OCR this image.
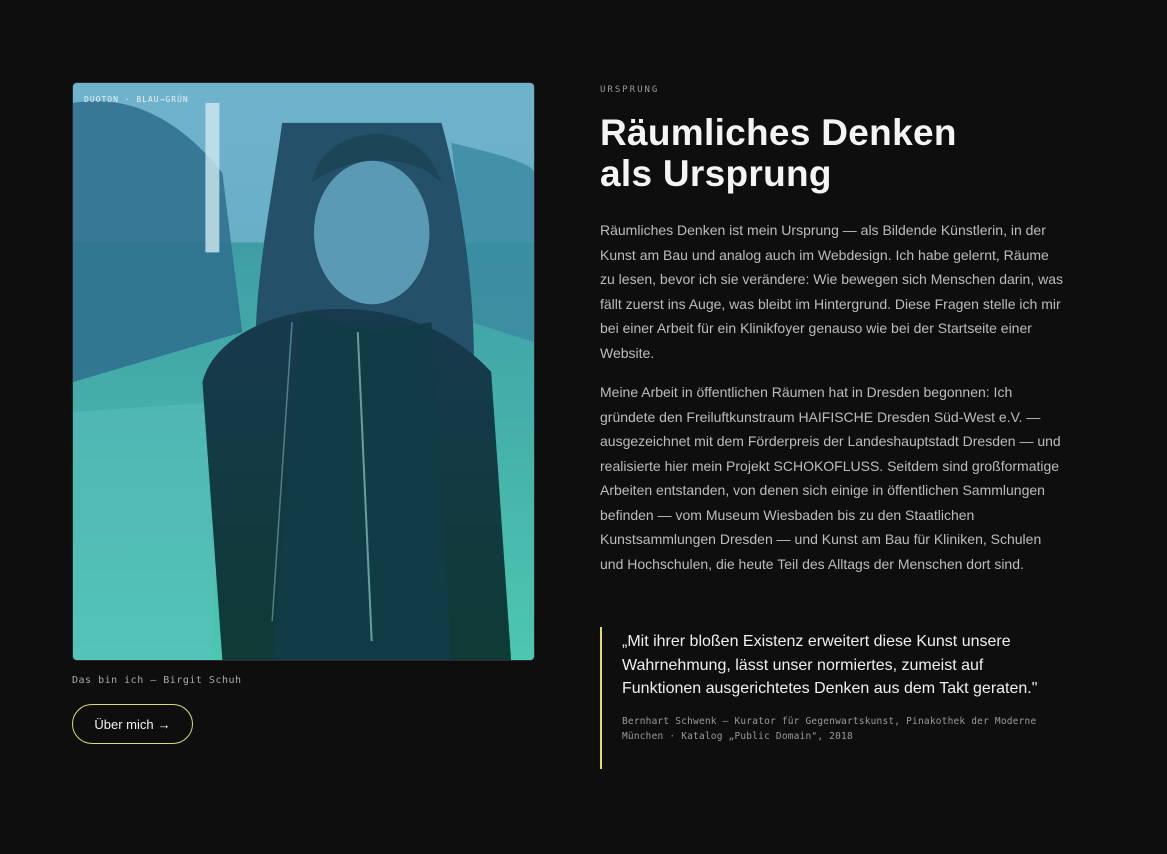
DUOTON · BLAU→GRÜN
Das bin ich — Birgit Schuh
Über mich →
URSPRUNG
Räumliches Denken
als Ursprung

Räumliches Denken ist mein Ursprung — als Bildende Künstlerin, in der Kunst am Bau und analog auch im Webdesign. Ich habe gelernt, Räume zu lesen, bevor ich sie verändere: Wie bewegen sich Menschen darin, was fällt zuerst ins Auge, was bleibt im Hintergrund. Diese Fragen stelle ich mir bei einer Arbeit für ein Klinikfoyer genauso wie bei der Startseite einer Website.

Meine Arbeit in öffentlichen Räumen hat in Dresden begonnen: Ich gründete den Freiluftkunstraum HAIFISCHE Dresden Süd-West e.V. — ausgezeichnet mit dem Förderpreis der Landeshauptstadt Dresden — und realisierte hier mein Projekt SCHOKOFLUSS. Seitdem sind großformatige Arbeiten entstanden, von denen sich einige in öffentlichen Sammlungen befinden — vom Museum Wiesbaden bis zu den Staatlichen Kunstsammlungen Dresden — und Kunst am Bau für Kliniken, Schulen und Hochschulen, die heute Teil des Alltags der Menschen dort sind.

„Mit ihrer bloßen Existenz erweitert diese Kunst unsere Wahrnehmung, lässt unser normiertes, zumeist auf Funktionen ausgerichtetes Denken aus dem Takt geraten."

Bernhart Schwenk — Kurator für Gegenwartskunst, Pinakothek der Moderne
München · Katalog „Public Domain", 2018
